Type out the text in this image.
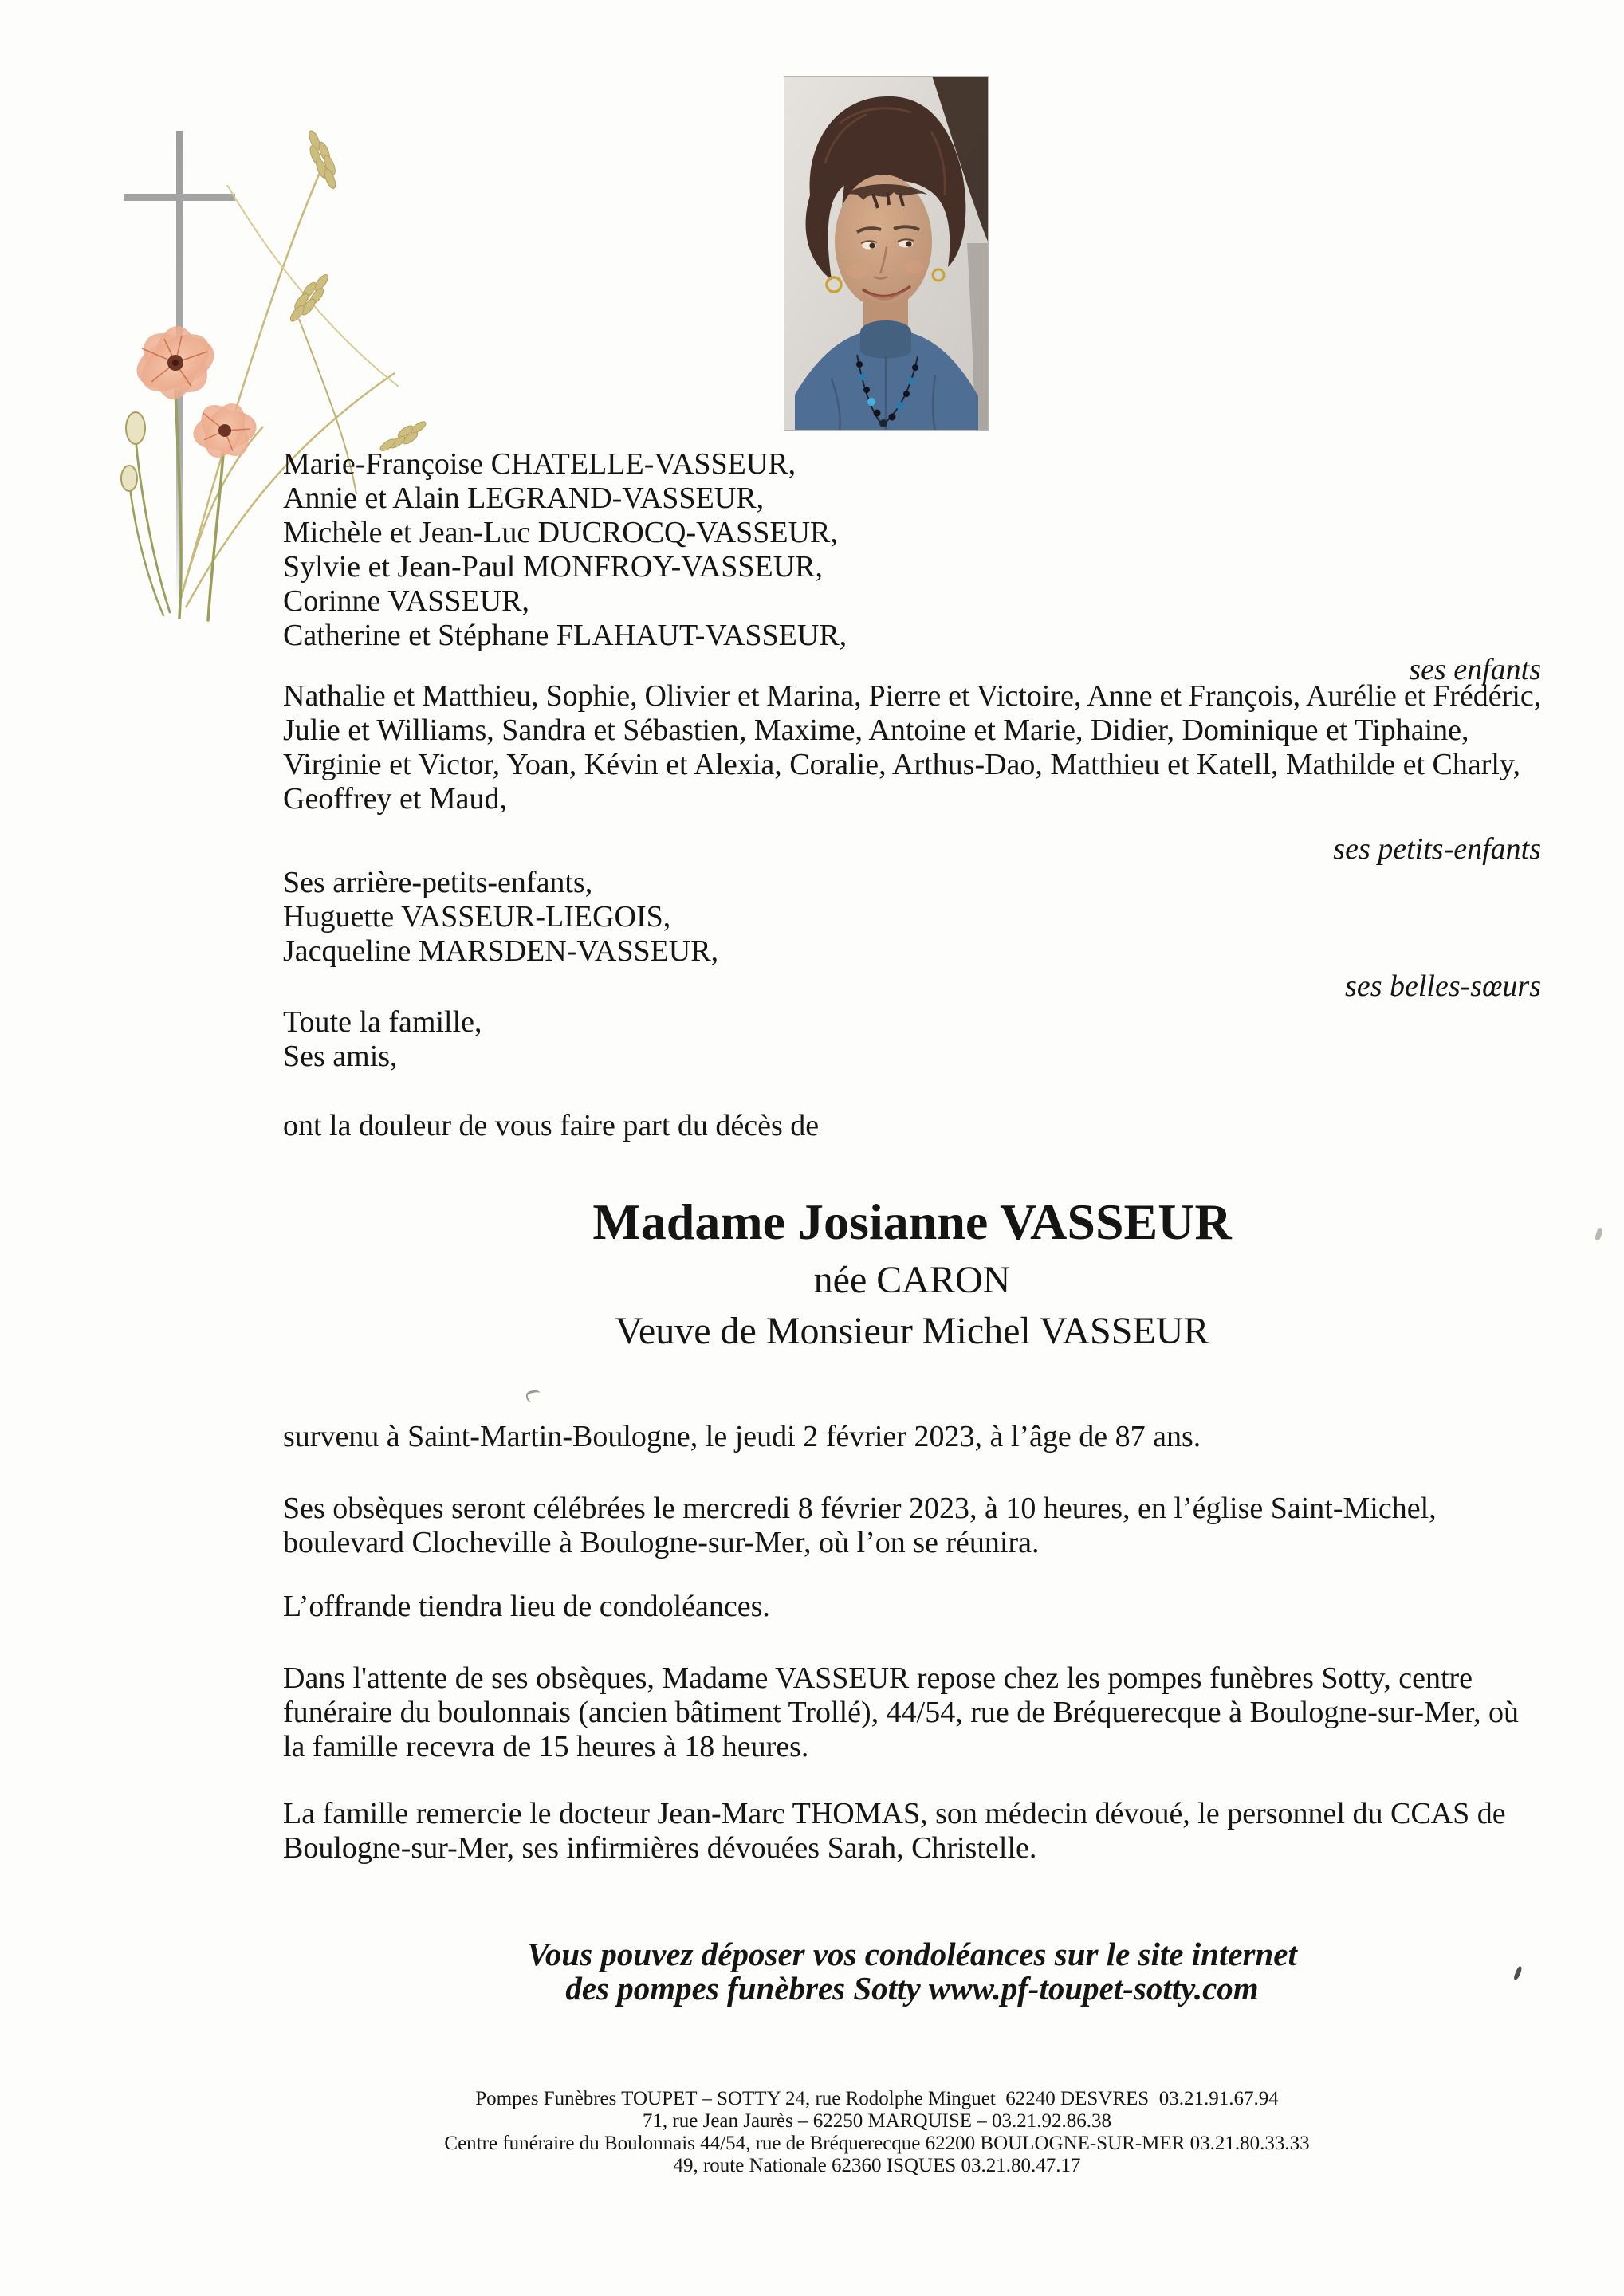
Marie-Françoise CHATELLE-VASSEUR,
Annie et Alain LEGRAND-VASSEUR,
Michèle et Jean-Luc DUCROCQ-VASSEUR,
Sylvie et Jean-Paul MONFROY-VASSEUR,
Corinne VASSEUR,
Catherine et Stéphane FLAHAUT-VASSEUR,
ses enfants
Nathalie et Matthieu, Sophie, Olivier et Marina, Pierre et Victoire, Anne et François, Aurélie et Frédéric,
Julie et Williams, Sandra et Sébastien, Maxime, Antoine et Marie, Didier, Dominique et Tiphaine,
Virginie et Victor, Yoan, Kévin et Alexia, Coralie, Arthus-Dao, Matthieu et Katell, Mathilde et Charly,
Geoffrey et Maud,
ses petits-enfants
Ses arrière-petits-enfants,
Huguette VASSEUR-LIEGOIS,
Jacqueline MARSDEN-VASSEUR,
ses belles-sœurs
Toute la famille,
Ses amis,
ont la douleur de vous faire part du décès de
Madame Josianne VASSEUR
née CARON
Veuve de Monsieur Michel VASSEUR
survenu à Saint-Martin-Boulogne, le jeudi 2 février 2023, à l’âge de 87 ans.
Ses obsèques seront célébrées le mercredi 8 février 2023, à 10 heures, en l’église Saint-Michel,
boulevard Clocheville à Boulogne-sur-Mer, où l’on se réunira.
L’offrande tiendra lieu de condoléances.
Dans l'attente de ses obsèques, Madame VASSEUR repose chez les pompes funèbres Sotty, centre
funéraire du boulonnais (ancien bâtiment Trollé), 44/54, rue de Bréquerecque à Boulogne-sur-Mer, où
la famille recevra de 15 heures à 18 heures.
La famille remercie le docteur Jean-Marc THOMAS, son médecin dévoué, le personnel du CCAS de
Boulogne-sur-Mer, ses infirmières dévouées Sarah, Christelle.
Vous pouvez déposer vos condoléances sur le site internet
des pompes funèbres Sotty www.pf-toupet-sotty.com
Pompes Funèbres TOUPET – SOTTY 24, rue Rodolphe Minguet  62240 DESVRES  03.21.91.67.94
71, rue Jean Jaurès – 62250 MARQUISE – 03.21.92.86.38
Centre funéraire du Boulonnais 44/54, rue de Bréquerecque 62200 BOULOGNE-SUR-MER 03.21.80.33.33
49, route Nationale 62360 ISQUES 03.21.80.47.17
